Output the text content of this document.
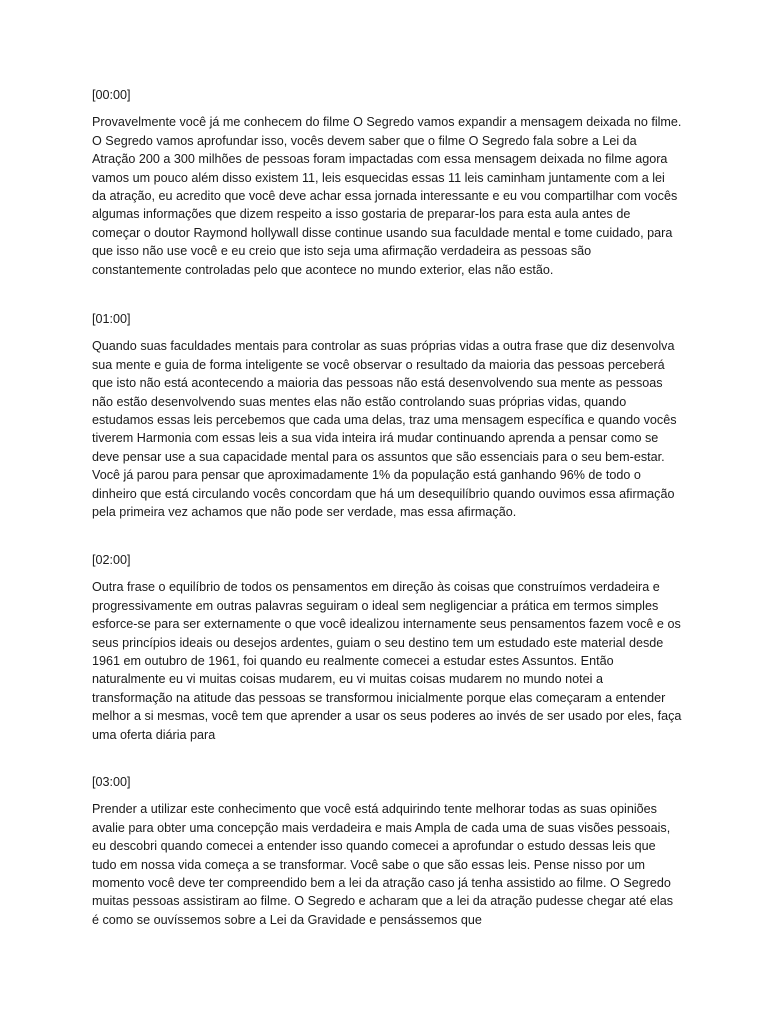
[00:00]

Provavelmente você já me conhecem do filme O Segredo vamos expandir a mensagem deixada no filme. O Segredo vamos aprofundar isso, vocês devem saber que o filme O Segredo fala sobre a Lei da Atração 200 a 300 milhões de pessoas foram impactadas com essa mensagem deixada no filme agora vamos um pouco além disso existem 11, leis esquecidas essas 11 leis caminham juntamente com a lei da atração, eu acredito que você deve achar essa jornada interessante e eu vou compartilhar com vocês algumas informações que dizem respeito a isso gostaria de preparar-los para esta aula antes de começar o doutor Raymond hollywall disse continue usando sua faculdade mental e tome cuidado, para que isso não use você e eu creio que isto seja uma afirmação verdadeira as pessoas são constantemente controladas pelo que acontece no mundo exterior, elas não estão.

[01:00]

Quando suas faculdades mentais para controlar as suas próprias vidas a outra frase que diz desenvolva sua mente e guia de forma inteligente se você observar o resultado da maioria das pessoas perceberá que isto não está acontecendo a maioria das pessoas não está desenvolvendo sua mente as pessoas não estão desenvolvendo suas mentes elas não estão controlando suas próprias vidas, quando estudamos essas leis percebemos que cada uma delas, traz uma mensagem específica e quando vocês tiverem Harmonia com essas leis a sua vida inteira irá mudar continuando aprenda a pensar como se deve pensar use a sua capacidade mental para os assuntos que são essenciais para o seu bem-estar. Você já parou para pensar que aproximadamente 1% da população está ganhando 96% de todo o dinheiro que está circulando vocês concordam que há um desequilíbrio quando ouvimos essa afirmação pela primeira vez achamos que não pode ser verdade, mas essa afirmação.

[02:00]

Outra frase o equilíbrio de todos os pensamentos em direção às coisas que construímos verdadeira e progressivamente em outras palavras seguiram o ideal sem negligenciar a prática em termos simples esforce-se para ser externamente o que você idealizou internamente seus pensamentos fazem você e os seus princípios ideais ou desejos ardentes, guiam o seu destino tem um estudado este material desde 1961 em outubro de 1961, foi quando eu realmente comecei a estudar estes Assuntos. Então naturalmente eu vi muitas coisas mudarem, eu vi muitas coisas mudarem no mundo notei a transformação na atitude das pessoas se transformou inicialmente porque elas começaram a entender melhor a si mesmas, você tem que aprender a usar os seus poderes ao invés de ser usado por eles, faça uma oferta diária para

[03:00]

Prender a utilizar este conhecimento que você está adquirindo tente melhorar todas as suas opiniões avalie para obter uma concepção mais verdadeira e mais Ampla de cada uma de suas visões pessoais, eu descobri quando comecei a entender isso quando comecei a aprofundar o estudo dessas leis que tudo em nossa vida começa a se transformar. Você sabe o que são essas leis. Pense nisso por um momento você deve ter compreendido bem a lei da atração caso já tenha assistido ao filme. O Segredo muitas pessoas assistiram ao filme. O Segredo e acharam que a lei da atração pudesse chegar até elas é como se ouvíssemos sobre a Lei da Gravidade e pensássemos que
